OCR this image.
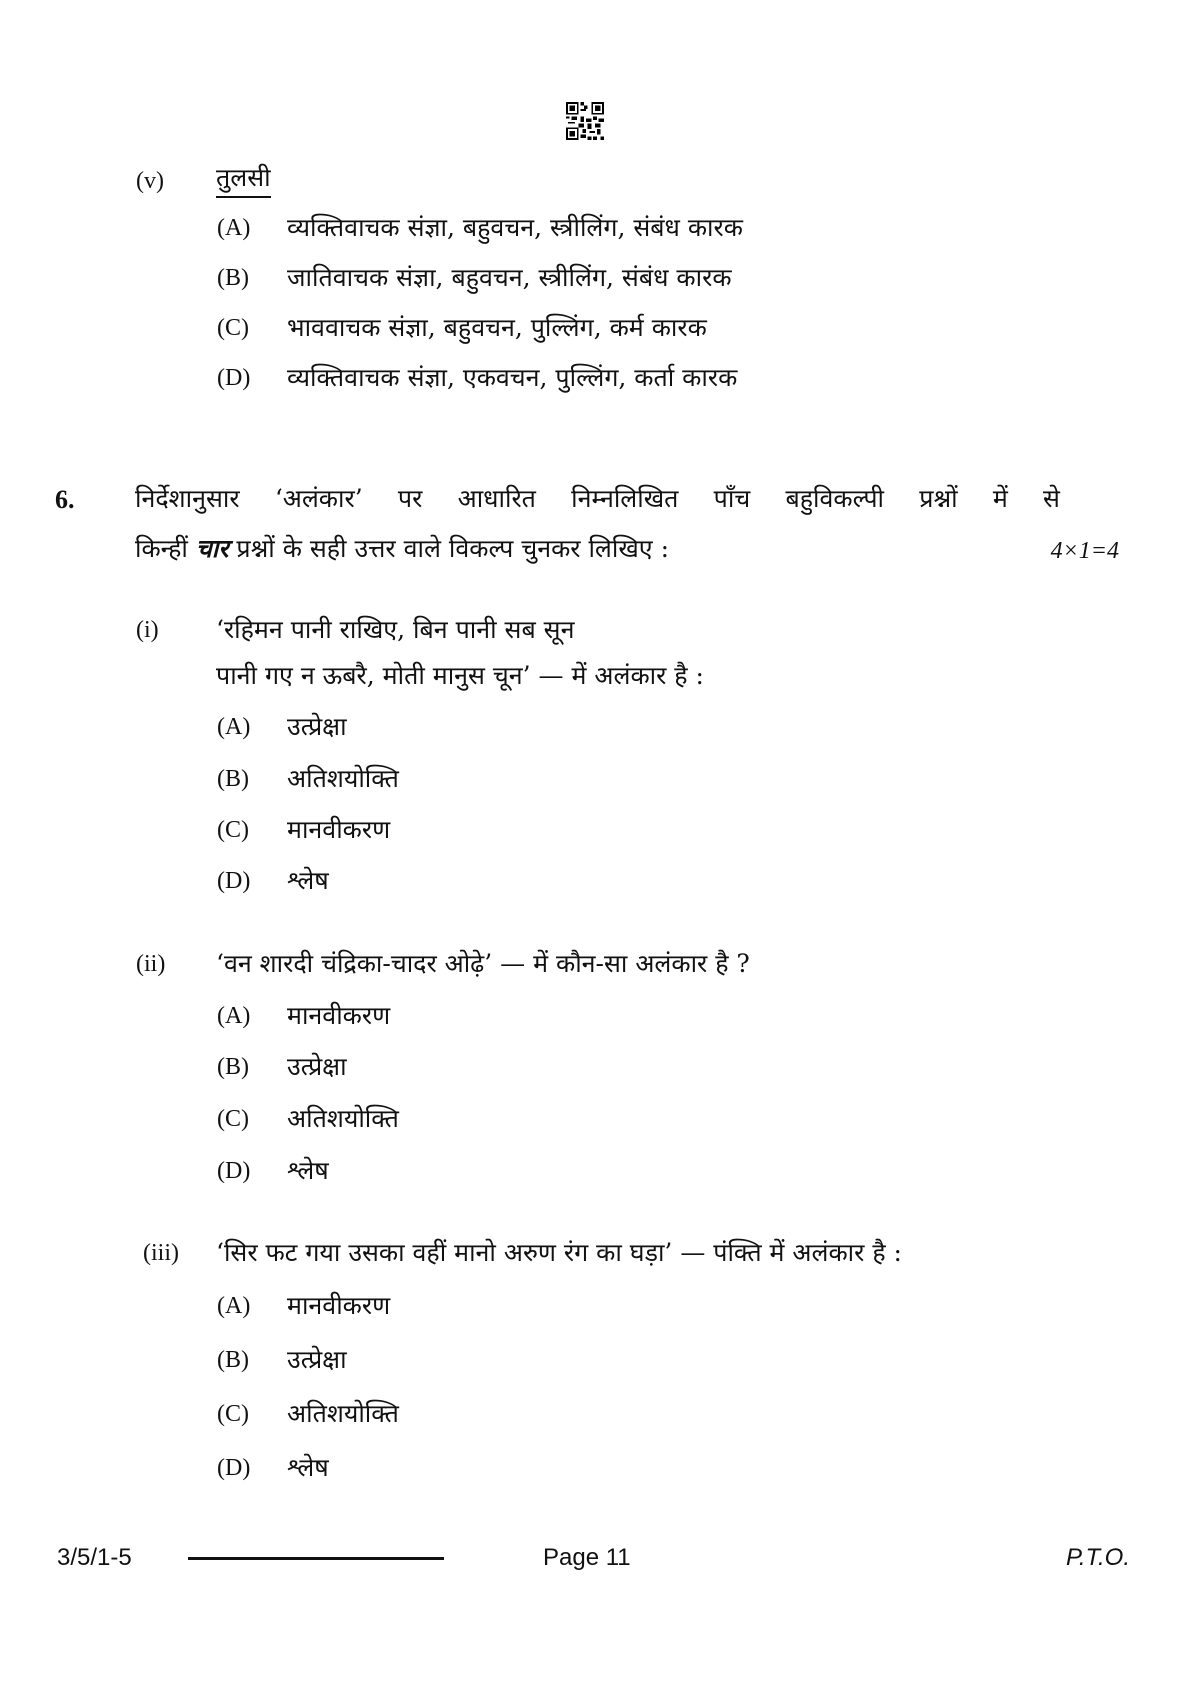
(v) तुलसी
(A) व्यक्तिवाचक संज्ञा, बहुवचन, स्त्रीलिंग, संबंध कारक
(B) जातिवाचक संज्ञा, बहुवचन, स्त्रीलिंग, संबंध कारक
(C) भाववाचक संज्ञा, बहुवचन, पुल्लिंग, कर्म कारक
(D) व्यक्तिवाचक संज्ञा, एकवचन, पुल्लिंग, कर्ता कारक
6. निर्देशानुसार ‘अलंकार’ पर आधारित निम्नलिखित पाँच बहुविकल्पी प्रश्नों में से
किन्हीं चार प्रश्नों के सही उत्तर वाले विकल्प चुनकर लिखिए :	4×1=4
(i) ‘रहिमन पानी राखिए, बिन पानी सब सून
पानी गए न ऊबरै, मोती मानुस चून’ — में अलंकार है :
(A) उत्प्रेक्षा
(B) अतिशयोक्ति
(C) मानवीकरण
(D) श्लेष
(ii) ‘वन शारदी चंद्रिका-चादर ओढ़े’ — में कौन-सा अलंकार है ?
(A) मानवीकरण
(B) उत्प्रेक्षा
(C) अतिशयोक्ति
(D) श्लेष
(iii) ‘सिर फट गया उसका वहीं मानो अरुण रंग का घड़ा’ — पंक्ति में अलंकार है :
(A) मानवीकरण
(B) उत्प्रेक्षा
(C) अतिशयोक्ति
(D) श्लेष
3/5/1-5	Page 11	P.T.O.
